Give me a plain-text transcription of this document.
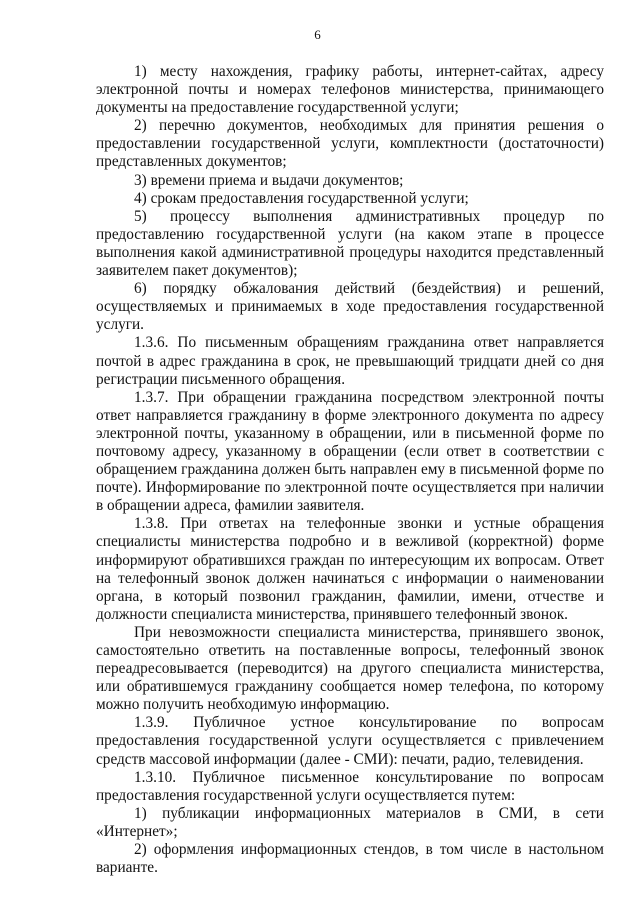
6

1) месту нахождения, графику работы, интернет-сайтах, адресу электронной почты и номерах телефонов министерства, принимающего документы на предоставление государственной услуги;

2) перечню документов, необходимых для принятия решения о предоставлении государственной услуги, комплектности (достаточности) представленных документов;

3) времени приема и выдачи документов;

4) срокам предоставления государственной услуги;

5) процессу выполнения административных процедур по предоставлению государственной услуги (на каком этапе в процессе выполнения какой административной процедуры находится представленный заявителем пакет документов);

6) порядку обжалования действий (бездействия) и решений, осуществляемых и принимаемых в ходе предоставления государственной услуги.

1.3.6. По письменным обращениям гражданина ответ направляется почтой в адрес гражданина в срок, не превышающий тридцати дней со дня регистрации письменного обращения.

1.3.7. При обращении гражданина посредством электронной почты ответ направляется гражданину в форме электронного документа по адресу электронной почты, указанному в обращении, или в письменной форме по почтовому адресу, указанному в обращении (если ответ в соответствии с обращением гражданина должен быть направлен ему в письменной форме по почте). Информирование по электронной почте осуществляется при наличии в обращении адреса, фамилии заявителя.

1.3.8. При ответах на телефонные звонки и устные обращения специалисты министерства подробно и в вежливой (корректной) форме информируют обратившихся граждан по интересующим их вопросам. Ответ на телефонный звонок должен начинаться с информации о наименовании органа, в который позвонил гражданин, фамилии, имени, отчестве и должности специалиста министерства, принявшего телефонный звонок.

При невозможности специалиста министерства, принявшего звонок, самостоятельно ответить на поставленные вопросы, телефонный звонок переадресовывается (переводится) на другого специалиста министерства, или обратившемуся гражданину сообщается номер телефона, по которому можно получить необходимую информацию.

1.3.9. Публичное устное консультирование по вопросам предоставления государственной услуги осуществляется с привлечением средств массовой информации (далее - СМИ): печати, радио, телевидения.

1.3.10. Публичное письменное консультирование по вопросам предоставления государственной услуги осуществляется путем:

1) публикации информационных материалов в СМИ, в сети «Интернет»;

2) оформления информационных стендов, в том числе в настольном варианте.
